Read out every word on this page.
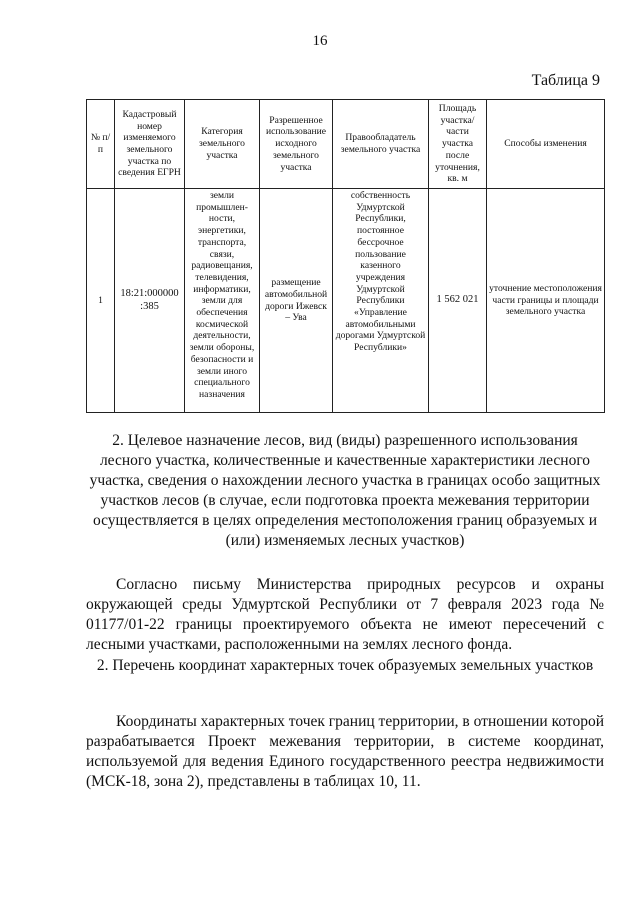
16
Таблица 9
№ п/п	Кадастровый номер изменяемого земельного участка по сведения ЕГРН	Категория земельного участка	Разрешенное использование исходного земельного участка	Правообладатель земельного участка	Площадь участка/ части участка после уточнения, кв. м	Способы изменения
1	18:21:000000 :385	земли промышлен-ности, энергетики, транспорта, связи, радиовещания, телевидения, информатики, земли для обеспечения космической деятельности, земли обороны, безопасности и земли иного специального назначения	размещение автомобильной дороги Ижевск – Ува	собственность Удмуртской Республики, постоянное бессрочное пользование казенного учреждения Удмуртской Республики «Управление автомобильными дорогами Удмуртской Республики»	1 562 021	уточнение местоположения части границы и площади земельного участка
2. Целевое назначение лесов, вид (виды) разрешенного использования лесного участка, количественные и качественные характеристики лесного участка, сведения о нахождении лесного участка в границах особо защитных участков лесов (в случае, если подготовка проекта межевания территории осуществляется в целях определения местоположения границ образуемых и (или) изменяемых лесных участков)
Согласно письму Министерства природных ресурсов и охраны окружающей среды Удмуртской Республики от 7 февраля 2023 года № 01177/01-22 границы проектируемого объекта не имеют пересечений с лесными участками, расположенными на землях лесного фонда.
2. Перечень координат характерных точек образуемых земельных участков
Координаты характерных точек границ территории, в отношении которой разрабатывается Проект межевания территории, в системе координат, используемой для ведения Единого государственного реестра недвижимости (МСК-18, зона 2), представлены в таблицах 10, 11.
